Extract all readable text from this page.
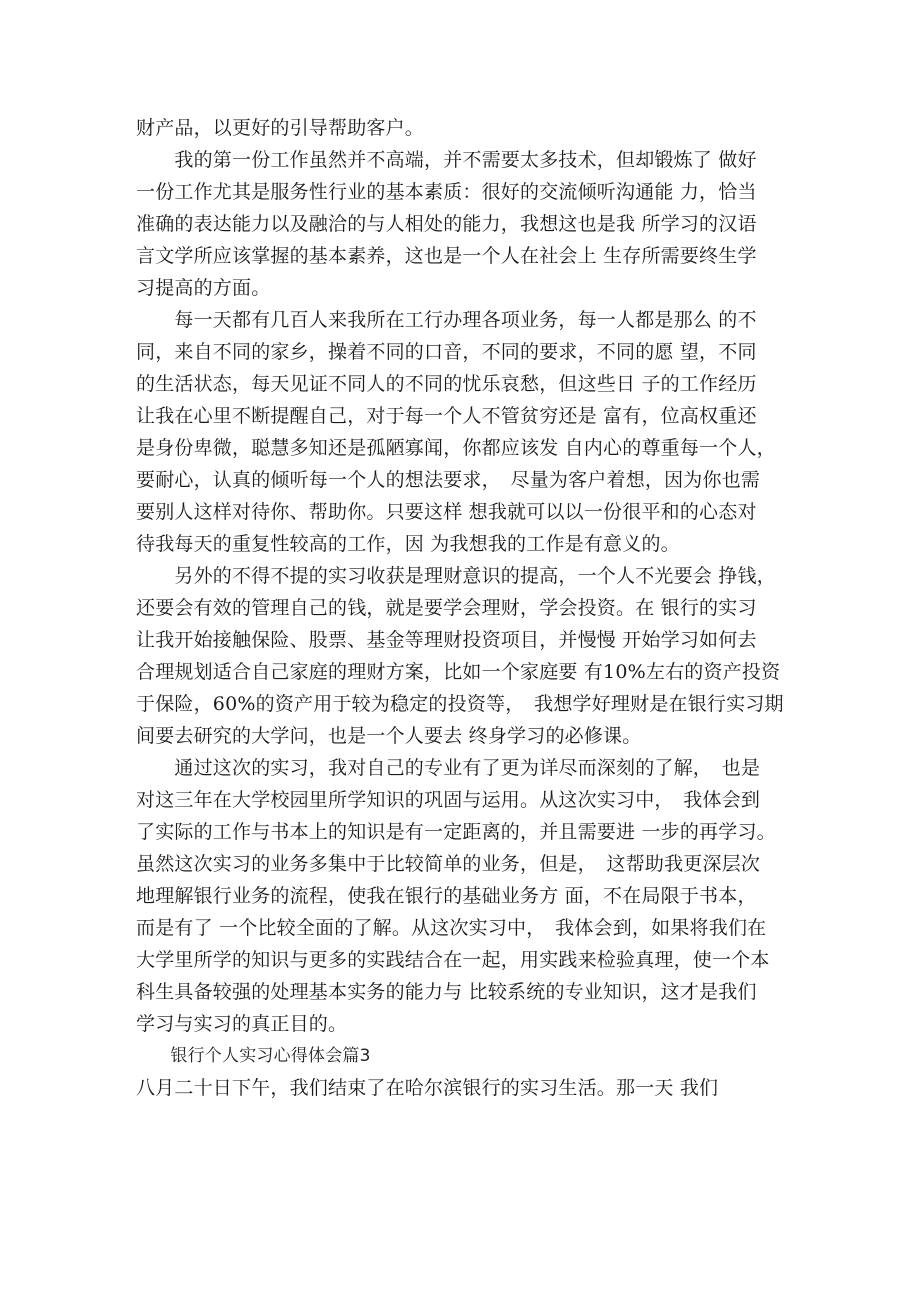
财产品，以更好的引导帮助客户。
　　我的第一份工作虽然并不高端，并不需要太多技术，但却锻炼了 做好
一份工作尤其是服务性行业的基本素质：很好的交流倾听沟通能 力，恰当
准确的表达能力以及融洽的与人相处的能力，我想这也是我 所学习的汉语
言文学所应该掌握的基本素养，这也是一个人在社会上 生存所需要终生学
习提高的方面。
　　每一天都有几百人来我所在工行办理各项业务，每一人都是那么 的不
同，来自不同的家乡，操着不同的口音，不同的要求，不同的愿 望，不同
的生活状态，每天见证不同人的不同的忧乐哀愁，但这些日 子的工作经历
让我在心里不断提醒自己，对于每一个人不管贫穷还是 富有，位高权重还
是身份卑微，聪慧多知还是孤陋寡闻，你都应该发 自内心的尊重每一个人，
要耐心，认真的倾听每一个人的想法要求，　尽量为客户着想，因为你也需
要别人这样对待你、帮助你。只要这样 想我就可以以一份很平和的心态对
待我每天的重复性较高的工作，因 为我想我的工作是有意义的。
　　另外的不得不提的实习收获是理财意识的提高，一个人不光要会 挣钱，
还要会有效的管理自己的钱，就是要学会理财，学会投资。在 银行的实习
让我开始接触保险、股票、基金等理财投资项目，并慢慢 开始学习如何去
合理规划适合自己家庭的理财方案，比如一个家庭要 有10%左右的资产投资
于保险，60%的资产用于较为稳定的投资等，　我想学好理财是在银行实习期
间要去研究的大学问，也是一个人要去 终身学习的必修课。
　　通过这次的实习，我对自己的专业有了更为详尽而深刻的了解，　也是
对这三年在大学校园里所学知识的巩固与运用。从这次实习中，　我体会到
了实际的工作与书本上的知识是有一定距离的，并且需要进 一步的再学习。
虽然这次实习的业务多集中于比较简单的业务，但是，　这帮助我更深层次
地理解银行业务的流程，使我在银行的基础业务方 面，不在局限于书本，
而是有了 一个比较全面的了解。从这次实习中，　我体会到，如果将我们在
大学里所学的知识与更多的实践结合在一起，用实践来检验真理，使一个本
科生具备较强的处理基本实务的能力与 比较系统的专业知识，这才是我们
学习与实习的真正目的。
　　银行个人实习心得体会篇3
八月二十日下午，我们结束了在哈尔滨银行的实习生活。那一天 我们
